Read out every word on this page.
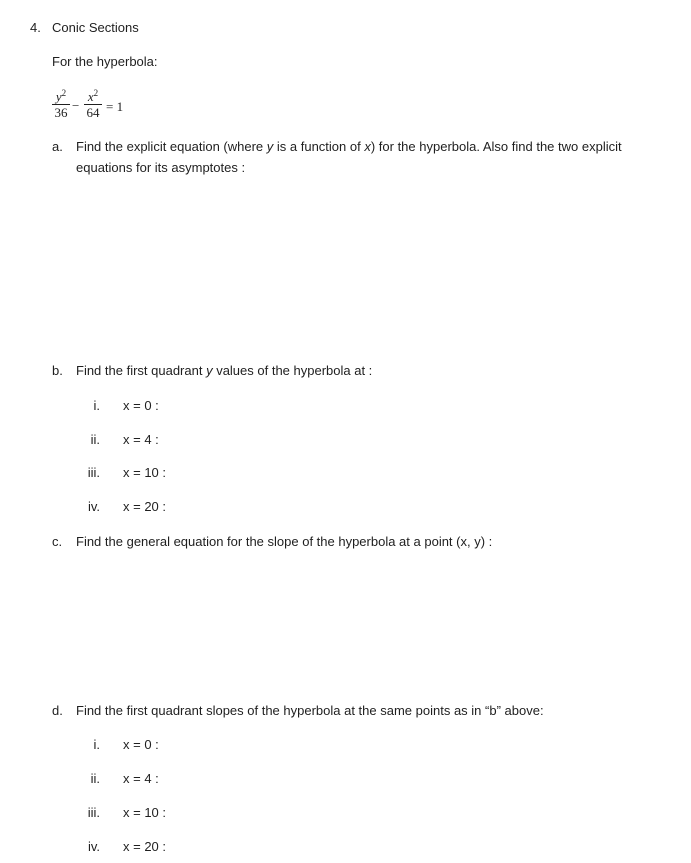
4. Conic Sections
For the hyperbola:
$\frac{y^2}{36} - \frac{x^2}{64} = 1$
a. Find the explicit equation (where y is a function of x) for the hyperbola. Also find the two explicit
equations for its asymptotes :
b. Find the first quadrant y values of the hyperbola at :
i. x = 0 :
ii. x = 4 :
iii. x = 10 :
iv. x = 20 :
c. Find the general equation for the slope of the hyperbola at a point (x, y) :
d. Find the first quadrant slopes of the hyperbola at the same points as in “b” above:
i. x = 0 :
ii. x = 4 :
iii. x = 10 :
iv. x = 20 :
